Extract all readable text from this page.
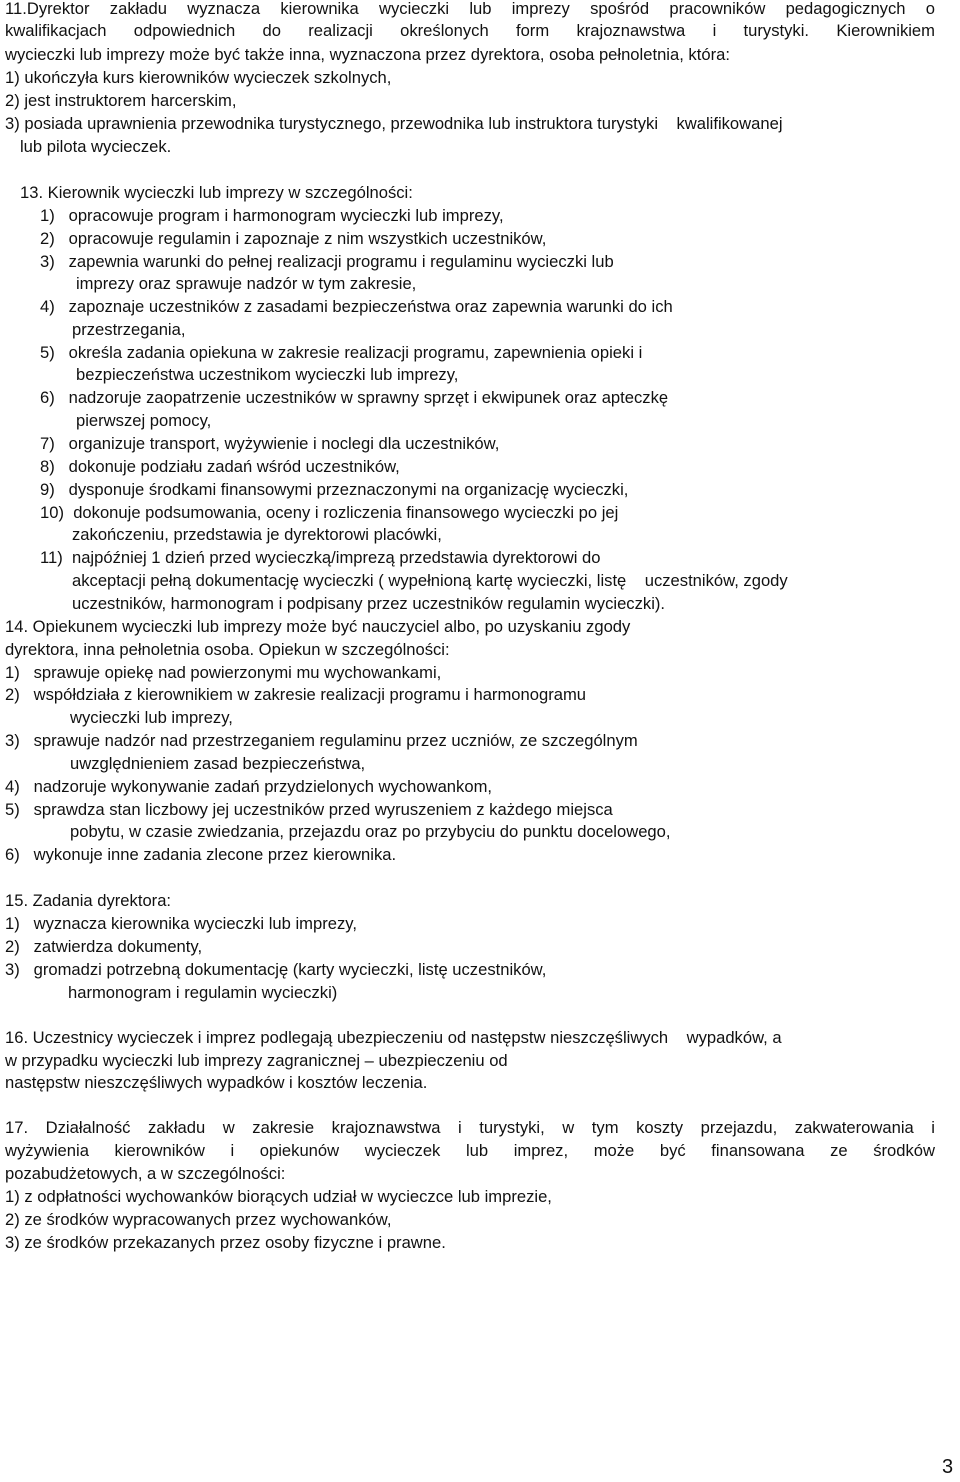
11.Dyrektor zakładu wyznacza kierownika wycieczki lub imprezy spośród pracowników pedagogicznych o
kwalifikacjach odpowiednich do realizacji określonych form krajoznawstwa i turystyki. Kierownikiem
wycieczki lub imprezy może być także inna, wyznaczona przez dyrektora, osoba pełnoletnia, która:
1) ukończyła kurs kierowników wycieczek szkolnych,
2) jest instruktorem harcerskim,
3) posiada uprawnienia przewodnika turystycznego, przewodnika lub instruktora turystyki    kwalifikowanej
lub pilota wycieczek.
13. Kierownik wycieczki lub imprezy w szczególności:
1)   opracowuje program i harmonogram wycieczki lub imprezy,
2)   opracowuje regulamin i zapoznaje z nim wszystkich uczestników,
3)   zapewnia warunki do pełnej realizacji programu i regulaminu wycieczki lub
imprezy oraz sprawuje nadzór w tym zakresie,
4)   zapoznaje uczestników z zasadami bezpieczeństwa oraz zapewnia warunki do ich
przestrzegania,
5)   określa zadania opiekuna w zakresie realizacji programu, zapewnienia opieki i
bezpieczeństwa uczestnikom wycieczki lub imprezy,
6)   nadzoruje zaopatrzenie uczestników w sprawny sprzęt i ekwipunek oraz apteczkę
pierwszej pomocy,
7)   organizuje transport, wyżywienie i noclegi dla uczestników,
8)   dokonuje podziału zadań wśród uczestników,
9)   dysponuje środkami finansowymi przeznaczonymi na organizację wycieczki,
10)  dokonuje podsumowania, oceny i rozliczenia finansowego wycieczki po jej
zakończeniu, przedstawia je dyrektorowi placówki,
11)  najpóźniej 1 dzień przed wycieczką/imprezą przedstawia dyrektorowi do
akceptacji pełną dokumentację wycieczki ( wypełnioną kartę wycieczki, listę    uczestników, zgody
uczestników, harmonogram i podpisany przez uczestników regulamin wycieczki).
14. Opiekunem wycieczki lub imprezy może być nauczyciel albo, po uzyskaniu zgody
dyrektora, inna pełnoletnia osoba. Opiekun w szczególności:
1)   sprawuje opiekę nad powierzonymi mu wychowankami,
2)   współdziała z kierownikiem w zakresie realizacji programu i harmonogramu
wycieczki lub imprezy,
3)   sprawuje nadzór nad przestrzeganiem regulaminu przez uczniów, ze szczególnym
uwzględnieniem zasad bezpieczeństwa,
4)   nadzoruje wykonywanie zadań przydzielonych wychowankom,
5)   sprawdza stan liczbowy jej uczestników przed wyruszeniem z każdego miejsca
pobytu, w czasie zwiedzania, przejazdu oraz po przybyciu do punktu docelowego,
6)   wykonuje inne zadania zlecone przez kierownika.
15. Zadania dyrektora:
1)   wyznacza kierownika wycieczki lub imprezy,
2)   zatwierdza dokumenty,
3)   gromadzi potrzebną dokumentację (karty wycieczki, listę uczestników,
harmonogram i regulamin wycieczki)
16. Uczestnicy wycieczek i imprez podlegają ubezpieczeniu od następstw nieszczęśliwych    wypadków, a
w przypadku wycieczki lub imprezy zagranicznej – ubezpieczeniu od
następstw nieszczęśliwych wypadków i kosztów leczenia.
17. Działalność zakładu w zakresie krajoznawstwa i turystyki, w tym koszty przejazdu, zakwaterowania i
wyżywienia kierowników i opiekunów wycieczek lub imprez, może być finansowana ze środków
pozabudżetowych, a w szczególności:
1) z odpłatności wychowanków biorących udział w wycieczce lub imprezie,
2) ze środków wypracowanych przez wychowanków,
3) ze środków przekazanych przez osoby fizyczne i prawne.
3
